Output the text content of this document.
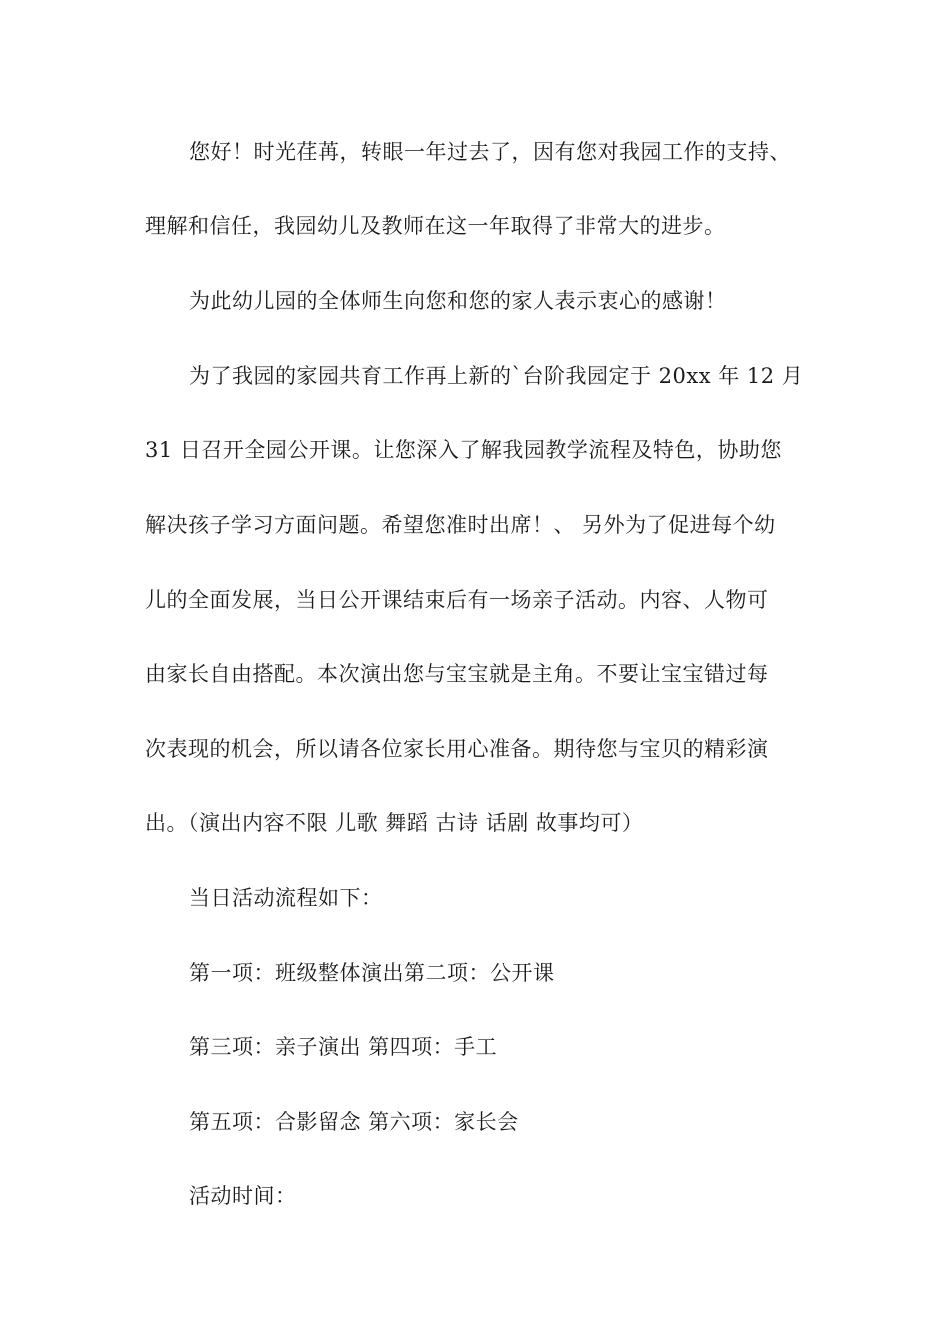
您好！时光荏苒，转眼一年过去了，因有您对我园工作的支持、
理解和信任，我园幼儿及教师在这一年取得了非常大的进步。
为此幼儿园的全体师生向您和您的家人表示衷心的感谢！
为了我园的家园共育工作再上新的`台阶我园定于 20xx 年 12 月
31 日召开全园公开课。让您深入了解我园教学流程及特色，协助您
解决孩子学习方面问题。希望您准时出席！、 另外为了促进每个幼
儿的全面发展，当日公开课结束后有一场亲子活动。内容、人物可
由家长自由搭配。本次演出您与宝宝就是主角。不要让宝宝错过每
次表现的机会，所以请各位家长用心准备。期待您与宝贝的精彩演
出。（演出内容不限 儿歌 舞蹈 古诗 话剧 故事均可）
当日活动流程如下：
第一项：班级整体演出第二项：公开课
第三项：亲子演出 第四项：手工
第五项：合影留念 第六项：家长会
活动时间：
